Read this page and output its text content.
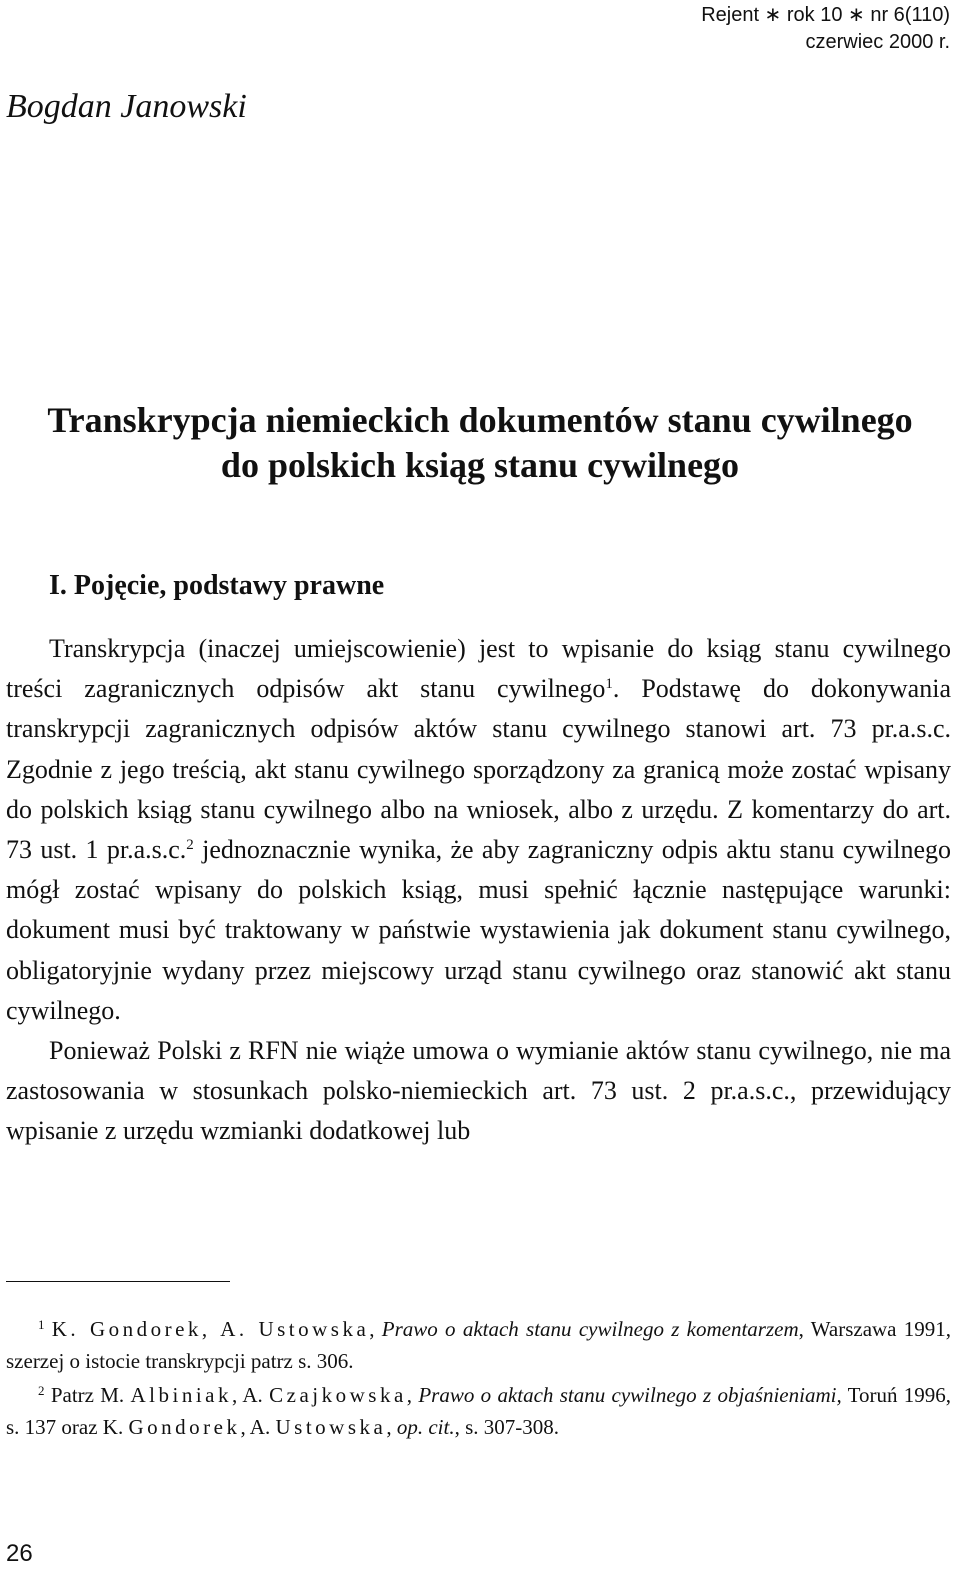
Rejent ∗ rok 10 ∗ nr 6(110)
czerwiec 2000 r.
Bogdan Janowski
Transkrypcja niemieckich dokumentów stanu cywilnego
do polskich ksiąg stanu cywilnego
I. Pojęcie, podstawy prawne

Transkrypcja (inaczej umiejscowienie) jest to wpisanie do ksiąg stanu cywilnego treści zagranicznych odpisów akt stanu cywilnego$^1$. Podstawę do dokonywania transkrypcji zagranicznych odpisów aktów stanu cywilnego stanowi art. 73 pr.a.s.c. Zgodnie z jego treścią, akt stanu cywilnego sporządzony za granicą może zostać wpisany do polskich ksiąg stanu cywilnego albo na wniosek, albo z urzędu. Z komentarzy do art. 73 ust. 1 pr.a.s.c.$^2$ jednoznacznie wynika, że aby zagraniczny odpis aktu stanu cywilnego mógł zostać wpisany do polskich ksiąg, musi spełnić łącznie następujące warunki: dokument musi być traktowany w państwie wystawienia jak dokument stanu cywilnego, obligatoryjnie wydany przez miejscowy urząd stanu cywilnego oraz stanowić akt stanu cywilnego.

Ponieważ Polski z RFN nie wiąże umowa o wymianie aktów stanu cywilnego, nie ma zastosowania w stosunkach polsko-niemieckich art. 73 ust. 2 pr.a.s.c., przewidujący wpisanie z urzędu wzmianki dodatkowej lub

$^1$ K. Gondorek, A. Ustowska, Prawo o aktach stanu cywilnego z komentarzem, Warszawa 1991, szerzej o istocie transkrypcji patrz s. 306.

$^2$ Patrz M. Albiniak, A. Czajkowska, Prawo o aktach stanu cywilnego z objaśnieniami, Toruń 1996, s. 137 oraz K. Gondorek, A. Ustowska, op. cit., s. 307-308.

26
